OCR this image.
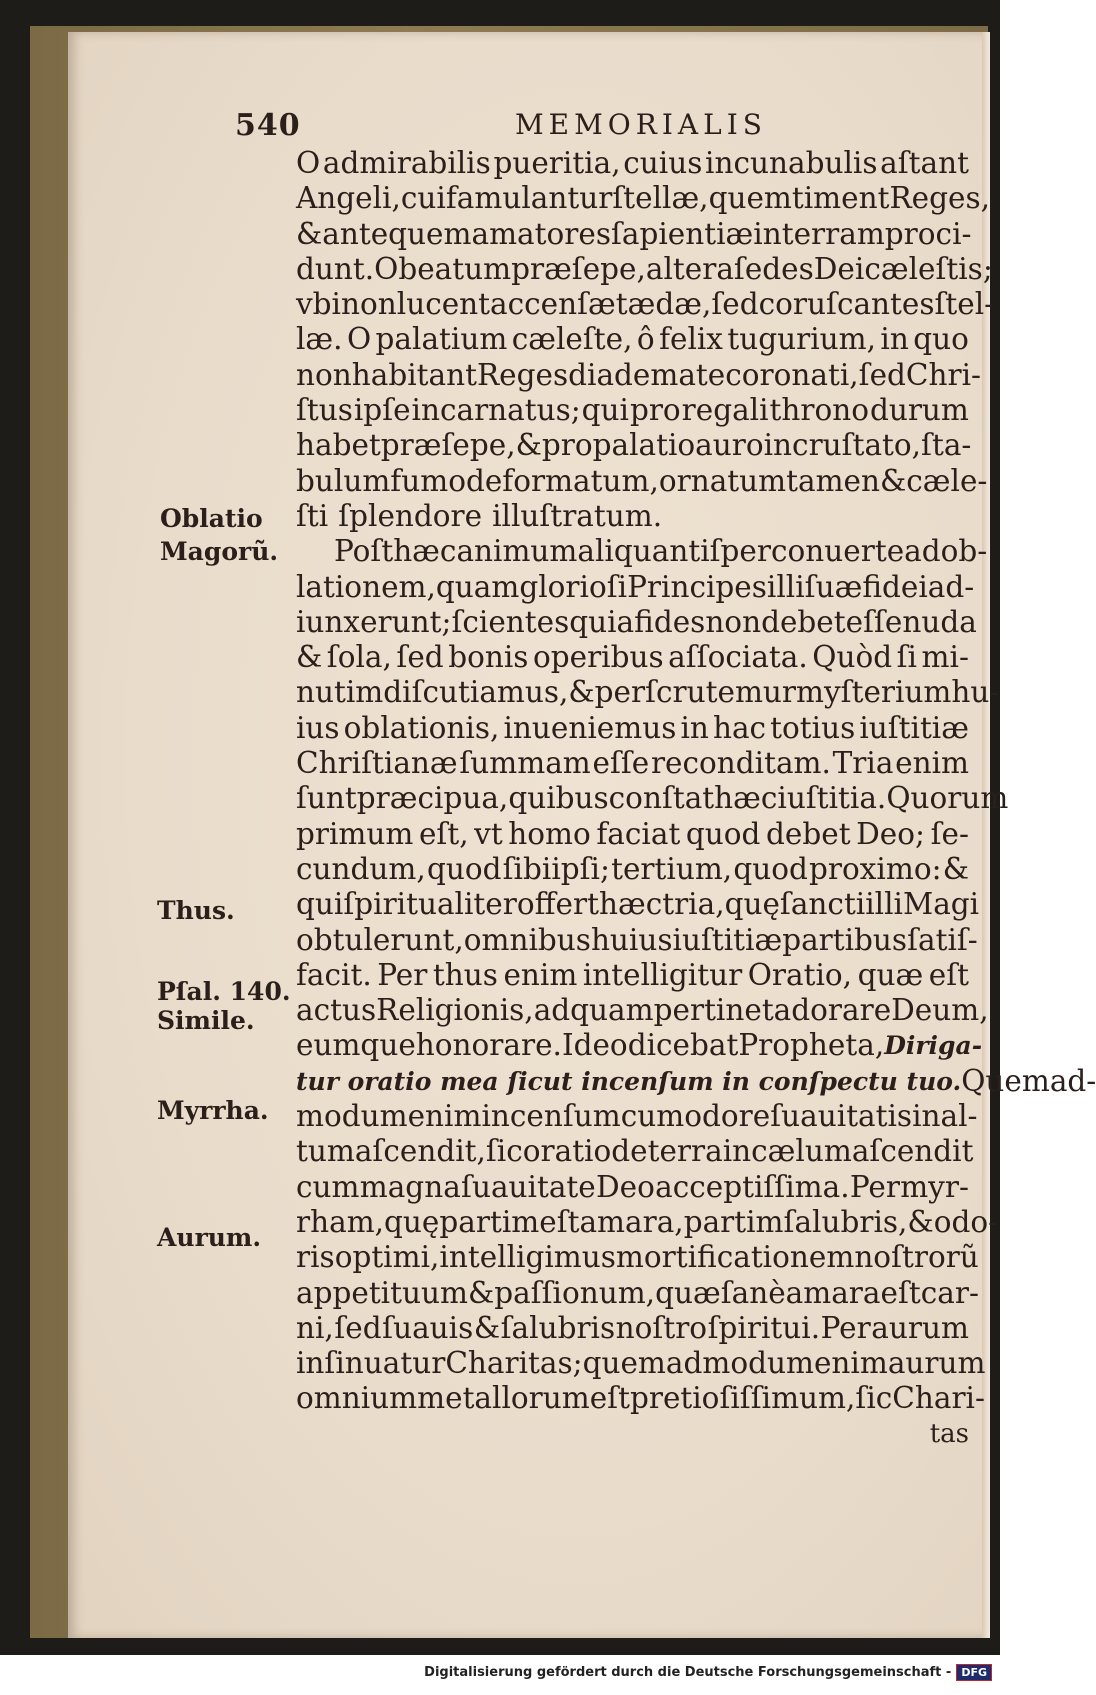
540	MEMORIALIS
O admirabilis pueritia, cuius incunabulis aſtant
Angeli, cui famulantur ſtellæ, quem timent Reges,
& ante quem amatores ſapientiæ in terram proci-
dunt. O beatum præſepe, altera ſedes Dei cæleſtis;
vbi non lucent accenſæ tædæ, ſed coruſcantes ſtel-
læ. O palatium cæleſte, ô felix tugurium, in quo
non habitant Reges diademate coronati, ſed Chri-
ſtus ipſe incarnatus; qui pro regali throno durum
habet præſepe, & pro palatio auro incruſtato, ſta-
bulum fumo deformatum, ornatum tamen & cæle-
ſti ſplendore illuſtratum.
Poſt hæc animum aliquantiſper conuerte ad ob-
lationem, quam glorioſi Principes illi ſuæ fidei ad-
iunxerunt; ſcientes quia fides non debet eſſe nuda
& ſola, ſed bonis operibus aſſociata. Quòd ſi mi-
nutim diſcutiamus, & perſcrutemur myſterium hu-
ius oblationis, inueniemus in hac totius iuſtitiæ
Chriſtianæ ſummam eſſe reconditam. Tria enim
ſunt præcipua, quibus conſtat hæc iuſtitia. Quorum
primum eſt, vt homo faciat quod debet Deo; ſe-
cundum, quod ſibiipſi; tertium, quod proximo: &
qui ſpiritualiter offert hæc tria, quę ſancti illi Magi
obtulerunt, omnibus huius iuſtitiæ partibus ſatiſ-
facit. Per thus enim intelligitur Oratio, quæ eſt
actus Religionis, ad quam pertinet adorare Deum,
eumque honorare. Ideo dicebat Propheta, Diriga-
tur oratio mea ſicut incenſum in conſpectu tuo. Quemad-
modum enim incenſum cum odore ſuauitatis in al-
tum aſcendit, ſic oratio de terra in cælum aſcendit
cum magna ſuauitate Deo acceptiſſima. Per myr-
rham, quę partim eſt amara, partim ſalubris, & odo-
ris optimi, intelligimus mortificationem noſtrorũ
appetituum & paſſionum, quæ ſanè amara eſt car-
ni, ſed ſuauis & ſalubris noſtro ſpiritui. Per aurum
inſinuatur Charitas; quemadmodum enim aurum
omnium metallorum eſt pretioſiſſimum, ſic Chari-
tas
Oblatio
Magorũ.
Thus.
Pſal. 140.
Simile.
Myrrha.
Aurum.
Digitalisierung gefördert durch die Deutsche Forschungsgemeinschaft - DFG
